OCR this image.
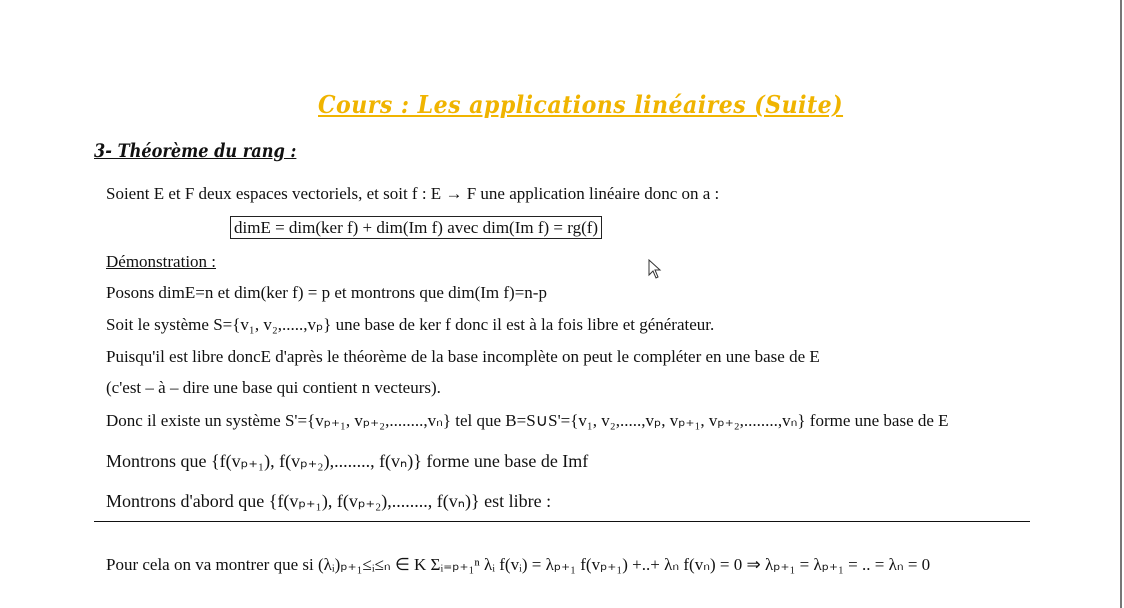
Cours : Les applications linéaires (Suite)
3- Théorème du rang :
Soient E et F deux espaces vectoriels, et soit f : E → F une application linéaire donc on a :
dimE = dim(ker f) + dim(Im f) avec dim(Im f) = rg(f)
Démonstration :
Posons dimE=n et dim(ker f) = p et montrons que dim(Im f)=n-p
Soit le système S={v₁, v₂,.....,vₚ} une base de ker f donc il est à la fois libre et générateur.
Puisqu'il est libre doncE d'après le théorème de la base incomplète on peut le compléter en une base de E
(c'est – à – dire une base qui contient n vecteurs).
Donc il existe un système S'={vₚ₊₁, vₚ₊₂,........,vₙ} tel que B=S∪S'={v₁, v₂,.....,vₚ, vₚ₊₁, vₚ₊₂,........,vₙ} forme une base de E
Montrons que {f(vₚ₊₁), f(vₚ₊₂),........, f(vₙ)} forme une base de Imf
Montrons d'abord que {f(vₚ₊₁), f(vₚ₊₂),........, f(vₙ)} est libre :
Pour cela on va montrer que si (λᵢ)ₚ₊₁≤ᵢ≤ₙ ∈ K Σᵢ₌ₚ₊₁ⁿ λᵢ f(vᵢ) = λₚ₊₁ f(vₚ₊₁) +..+ λₙ f(vₙ) = 0 ⇒ λₚ₊₁ = λₚ₊₁ = .. = λₙ = 0
